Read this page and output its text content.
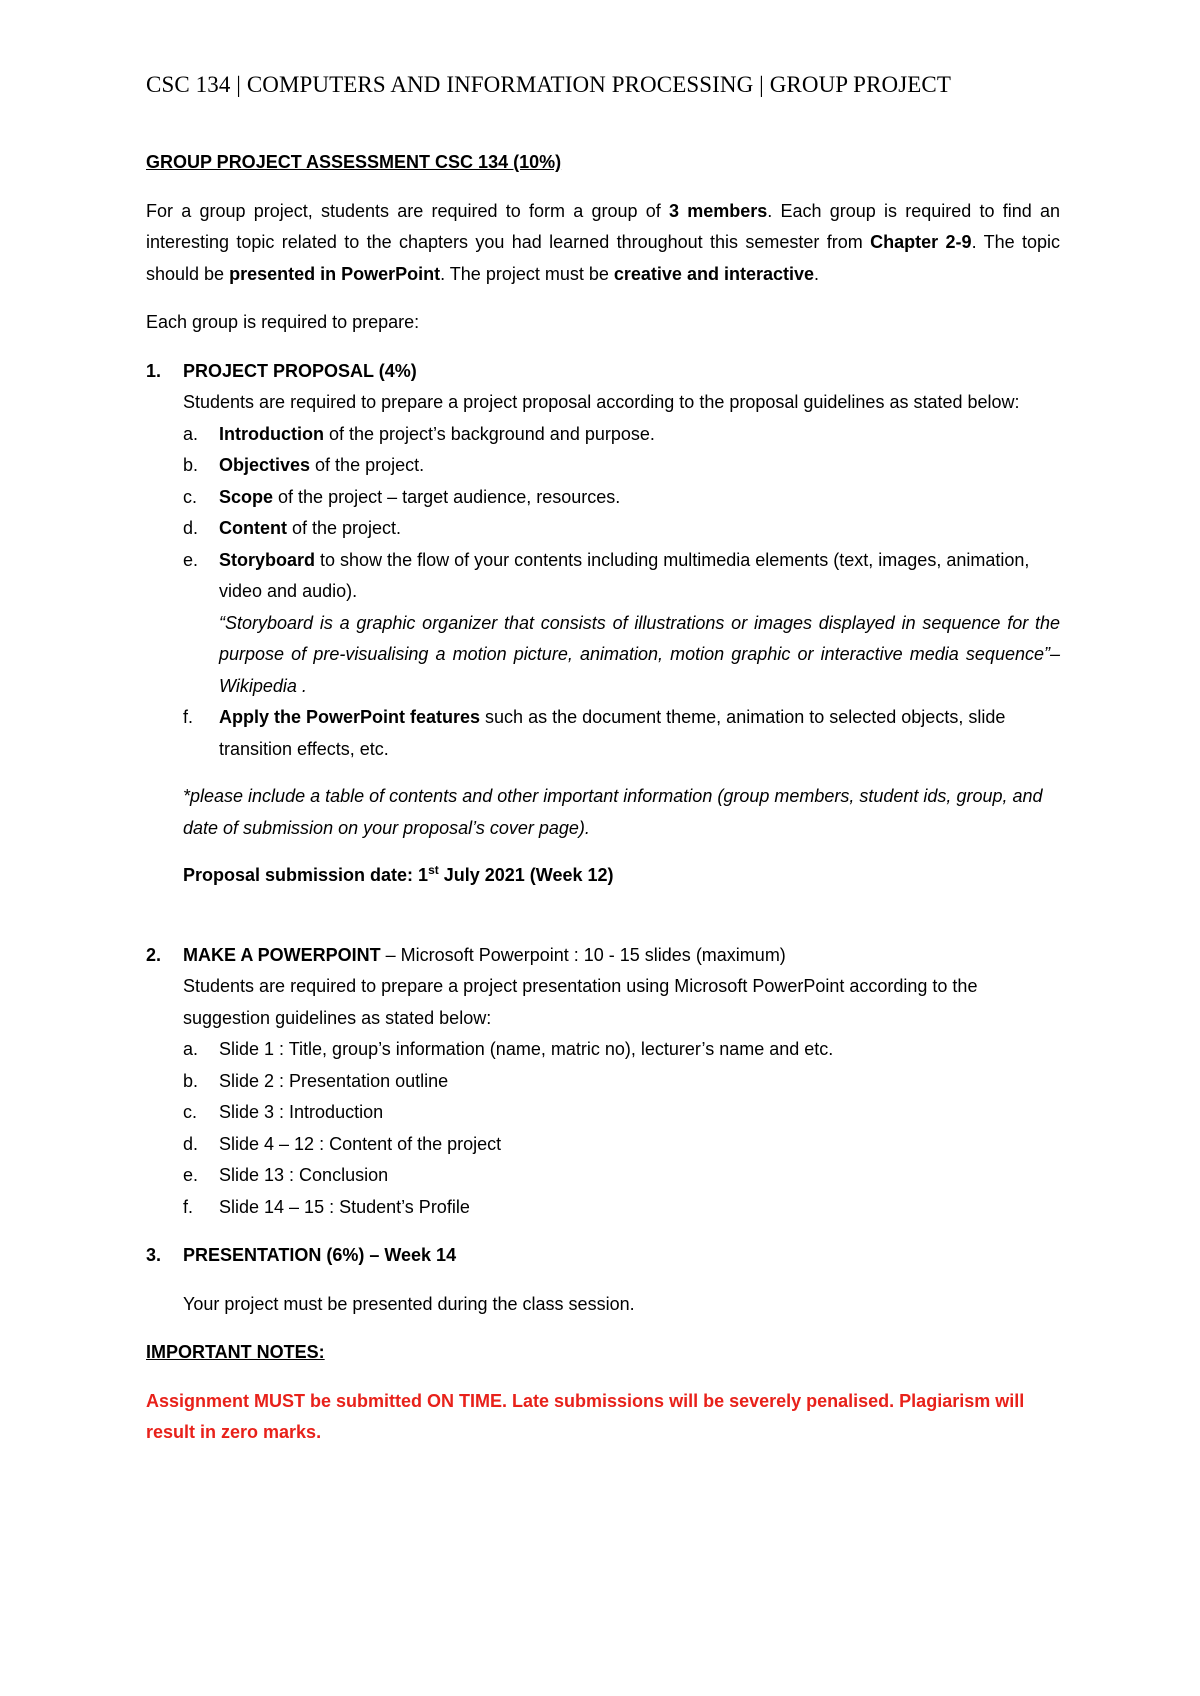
CSC 134 | COMPUTERS AND INFORMATION PROCESSING | GROUP PROJECT

GROUP PROJECT ASSESSMENT CSC 134 (10%)

For a group project, students are required to form a group of 3 members. Each group is required to find an interesting topic related to the chapters you had learned throughout this semester from Chapter 2-9. The topic should be presented in PowerPoint. The project must be creative and interactive.

Each group is required to prepare:

1. PROJECT PROPOSAL (4%)

Students are required to prepare a project proposal according to the proposal guidelines as stated below:

a. Introduction of the project’s background and purpose.
b. Objectives of the project.
c. Scope of the project – target audience, resources.
d. Content of the project.
e. Storyboard to show the flow of your contents including multimedia elements (text, images, animation, video and audio).

“Storyboard is a graphic organizer that consists of illustrations or images displayed in sequence for the purpose of pre-visualising a motion picture, animation, motion graphic or interactive media sequence”– Wikipedia .

f. Apply the PowerPoint features such as the document theme, animation to selected objects, slide transition effects, etc.

*please include a table of contents and other important information (group members, student ids, group, and date of submission on your proposal’s cover page).

Proposal submission date: 1st July 2021 (Week 12)

2. MAKE A POWERPOINT – Microsoft Powerpoint : 10 - 15 slides (maximum)

Students are required to prepare a project presentation using Microsoft PowerPoint according to the suggestion guidelines as stated below:

a. Slide 1 : Title, group’s information (name, matric no), lecturer’s name and etc.
b. Slide 2 : Presentation outline
c. Slide 3 : Introduction
d. Slide 4 – 12 : Content of the project
e. Slide 13 : Conclusion
f. Slide 14 – 15 : Student’s Profile
3. PRESENTATION (6%) – Week 14

Your project must be presented during the class session.

IMPORTANT NOTES:

Assignment MUST be submitted ON TIME. Late submissions will be severely penalised. Plagiarism will result in zero marks.
